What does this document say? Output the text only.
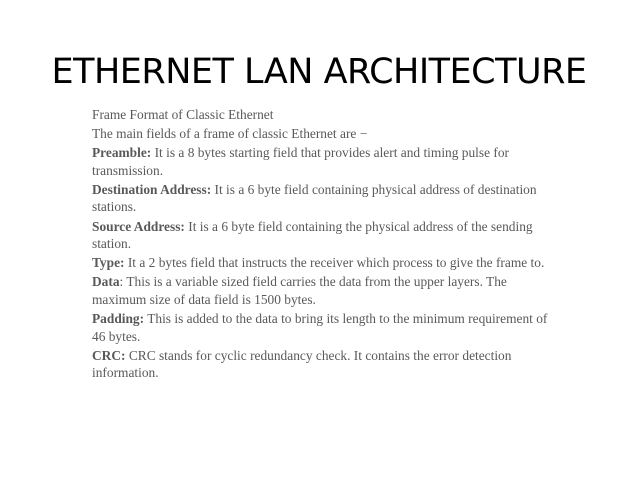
ETHERNET LAN ARCHITECTURE

Frame Format of Classic Ethernet

The main fields of a frame of classic Ethernet are −

Preamble: It is a 8 bytes starting field that provides alert and timing pulse for transmission.

Destination Address: It is a 6 byte field containing physical address of destination stations.

Source Address: It is a 6 byte field containing the physical address of the sending station.

Type: It a 2 bytes field that instructs the receiver which process to give the frame to.

Data: This is a variable sized field carries the data from the upper layers. The maximum size of data field is 1500 bytes.

Padding: This is added to the data to bring its length to the minimum requirement of 46 bytes.

CRC: CRC stands for cyclic redundancy check. It contains the error detection information.
